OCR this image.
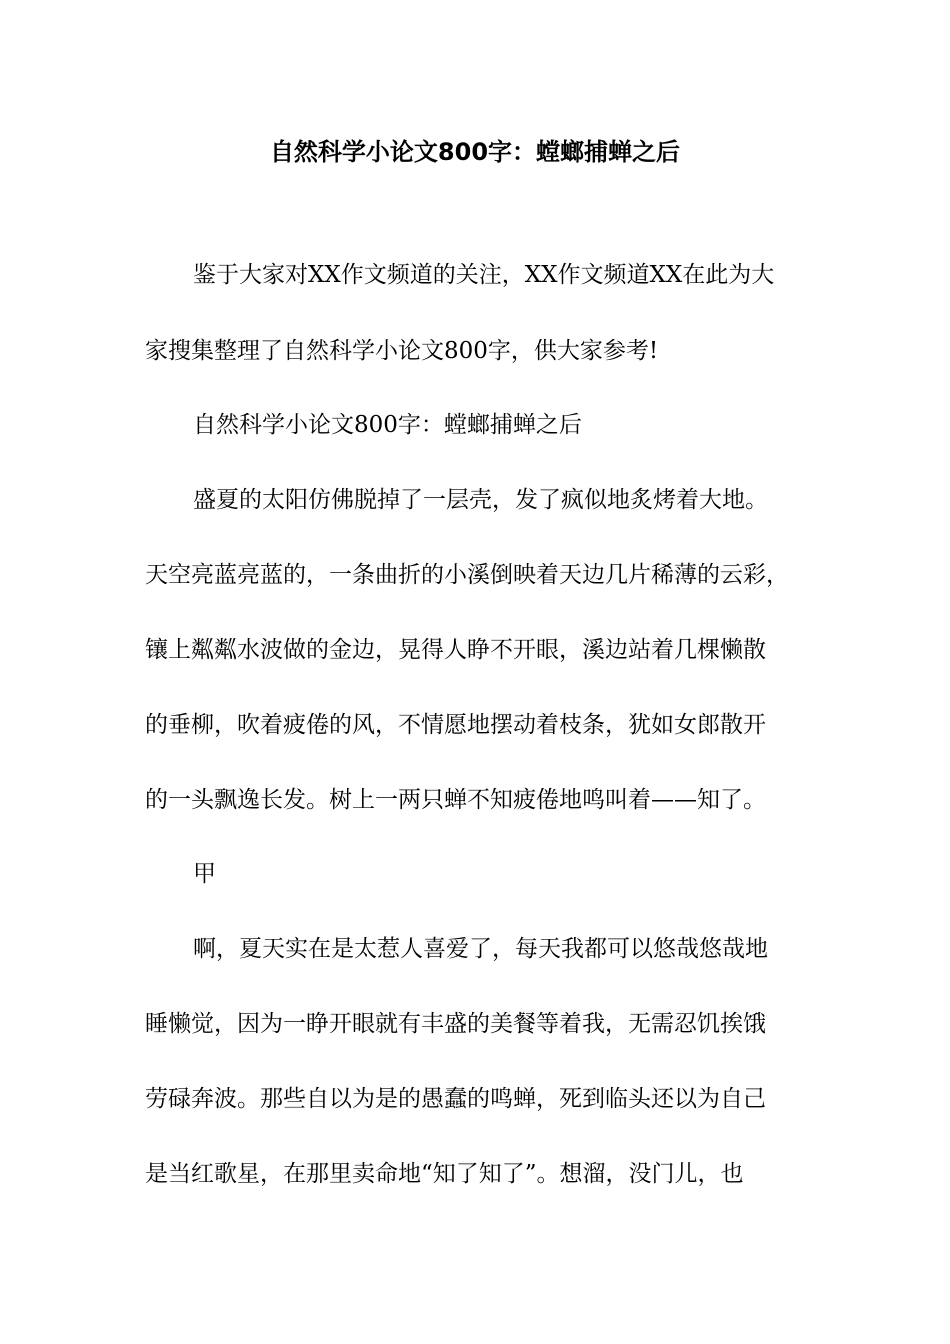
自然科学小论文800字：螳螂捕蝉之后

鉴于大家对XX作文频道的关注，XX作文频道XX在此为大

家搜集整理了自然科学小论文800字，供大家参考!

自然科学小论文800字：螳螂捕蝉之后

盛夏的太阳仿佛脱掉了一层壳，发了疯似地炙烤着大地。

天空亮蓝亮蓝的，一条曲折的小溪倒映着天边几片稀薄的云彩，

镶上粼粼水波做的金边，晃得人睁不开眼，溪边站着几棵懒散

的垂柳，吹着疲倦的风，不情愿地摆动着枝条，犹如女郎散开

的一头飘逸长发。树上一两只蝉不知疲倦地鸣叫着——知了。

甲

啊，夏天实在是太惹人喜爱了，每天我都可以悠哉悠哉地

睡懒觉，因为一睁开眼就有丰盛的美餐等着我，无需忍饥挨饿

劳碌奔波。那些自以为是的愚蠢的鸣蝉，死到临头还以为自己

是当红歌星，在那里卖命地“知了知了”。想溜，没门儿，也
